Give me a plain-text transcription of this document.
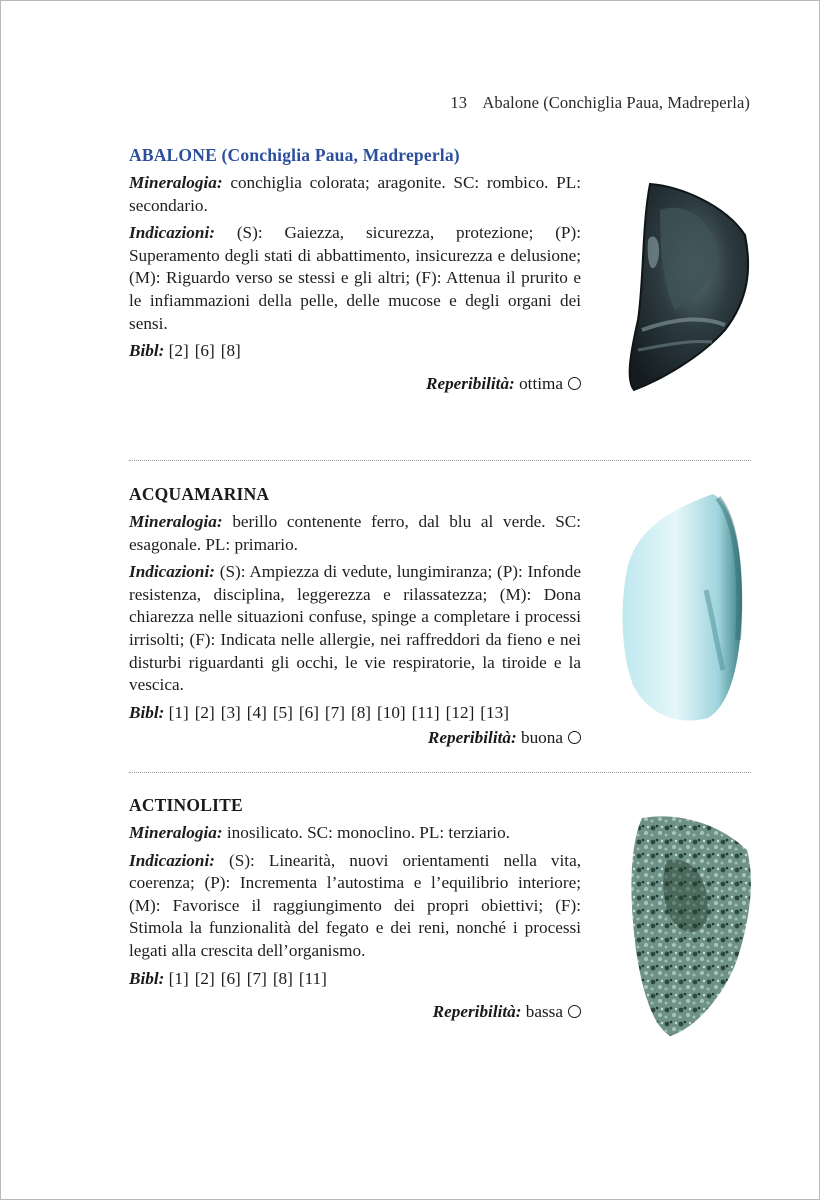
13 Abalone (Conchiglia Paua, Madreperla)
ABALONE (Conchiglia Paua, Madreperla)

Mineralogia: conchiglia colorata; aragonite. SC: rombico. PL: secondario.

Indicazioni: (S): Gaiezza, sicurezza, protezione; (P): Superamento degli stati di abbattimento, insicurezza e delusione; (M): Riguardo verso se stessi e gli altri; (F): Attenua il prurito e le infiammazioni della pelle, delle mucose e degli organi dei sensi.

Bibl: [2] [6] [8]

Reperibilità: ottima
ACQUAMARINA

Mineralogia: berillo contenente ferro, dal blu al verde. SC: esagonale. PL: primario.

Indicazioni: (S): Ampiezza di vedute, lungimiranza; (P): Infonde resistenza, disciplina, leggerezza e rilassatezza; (M): Dona chiarezza nelle situazioni confuse, spinge a completare i processi irrisolti; (F): Indicata nelle allergie, nei raffreddori da fieno e nei disturbi riguardanti gli occhi, le vie respiratorie, la tiroide e la vescica.

Bibl: [1] [2] [3] [4] [5] [6] [7] [8] [10] [11] [12] [13]

Reperibilità: buona
ACTINOLITE

Mineralogia: inosilicato. SC: monoclino. PL: terziario.

Indicazioni: (S): Linearità, nuovi orientamenti nella vita, coerenza; (P): Incrementa l’autostima e l’equilibrio interiore; (M): Favorisce il raggiungimento dei propri obiettivi; (F): Stimola la funzionalità del fegato e dei reni, nonché i processi legati alla crescita dell’organismo.

Bibl: [1] [2] [6] [7] [8] [11]

Reperibilità: bassa
